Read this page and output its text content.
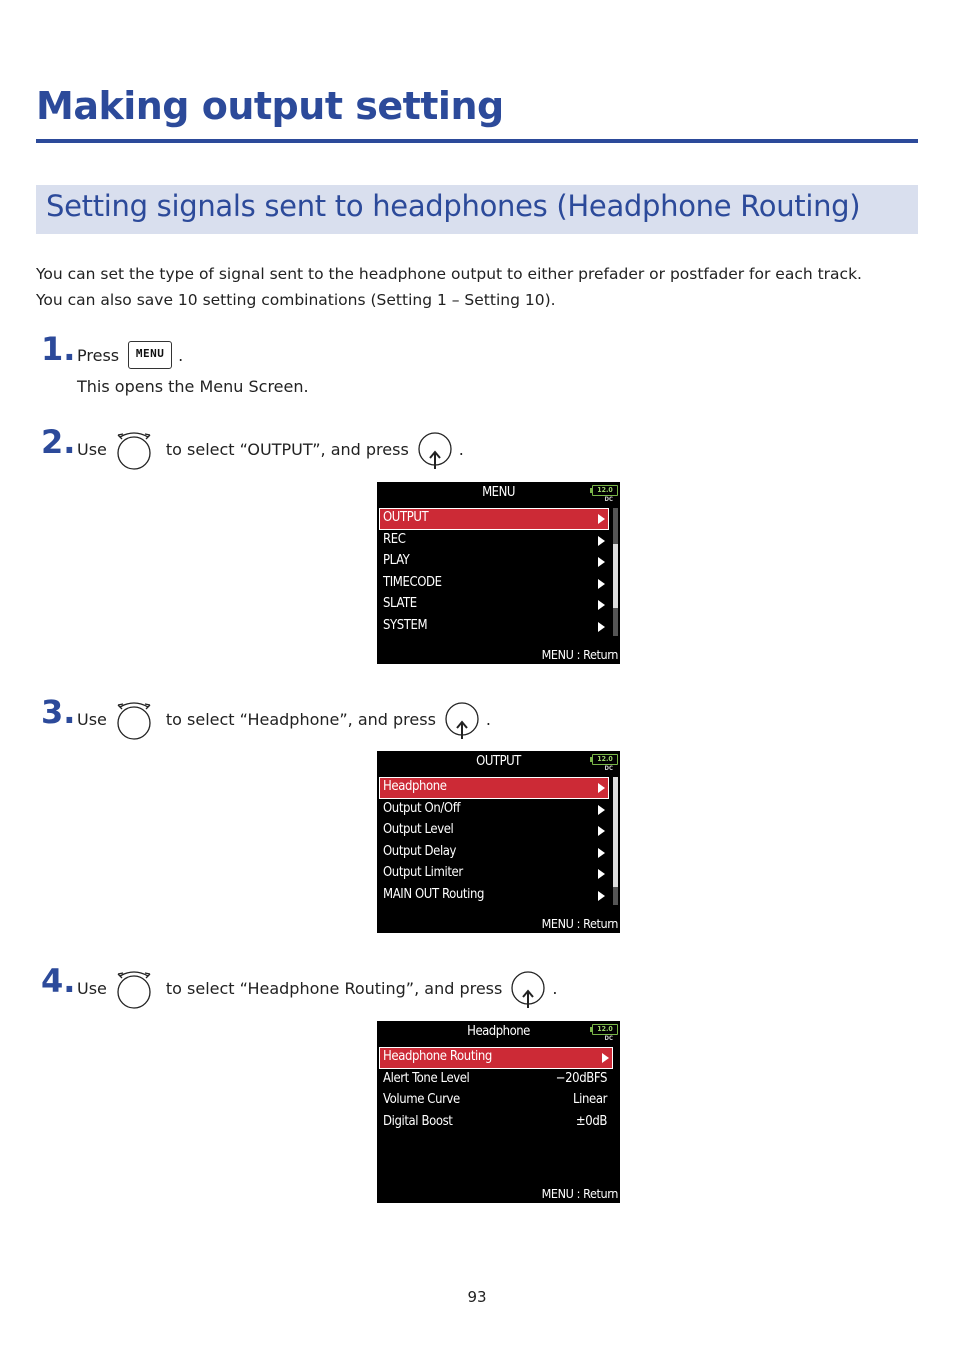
Making output setting
Setting signals sent to headphones (Headphone Routing)

You can set the type of signal sent to the headphone output to either prefader or postfader for each track.

You can also save 10 setting combinations (Setting 1 – Setting 10).

1. Press	MENU .
This opens the Menu Screen.
2. Use	to select “OUTPUT”, and press	.
MENU	12.0
DC
OUTPUT
REC
PLAY
TIMECODE
SLATE
SYSTEM
MENU : Return
3. Use	to select “Headphone”, and press	.
OUTPUT	12.0
DC
Headphone
Output On/Off
Output Level
Output Delay
Output Limiter
MAIN OUT Routing
MENU : Return
4. Use	to select “Headphone Routing”, and press	.
Headphone	12.0
DC
Headphone Routing
Alert Tone Level	−20dBFS
Volume Curve	Linear
Digital Boost	±0dB
MENU : Return
93
